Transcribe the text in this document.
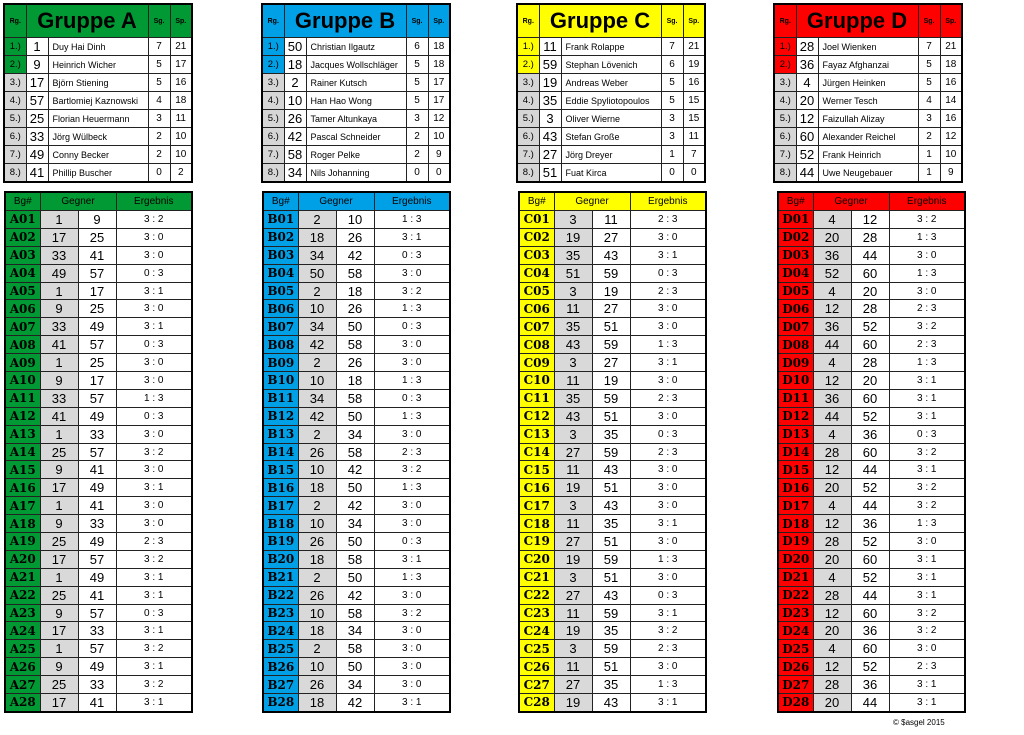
Rg.	Gruppe A		Sg.	Sp.
1.)	1	Duy Hai Dinh	7	21
2.)	9	Heinrich Wicher	5	17
3.)	17	Björn Stiening	5	16
4.)	57	Bartlomiej Kaznowski	4	18
5.)	25	Florian Heuermann	3	11
6.)	33	Jörg Wülbeck	2	10
7.)	49	Conny Becker	2	10
8.)	41	Phillip Buscher	0	2
Bg#	Gegner		Ergebnis
A01	1	9	3 : 2
A02	17	25	3 : 0
A03	33	41	3 : 0
A04	49	57	0 : 3
A05	1	17	3 : 1
A06	9	25	3 : 0
A07	33	49	3 : 1
A08	41	57	0 : 3
A09	1	25	3 : 0
A10	9	17	3 : 0
A11	33	57	1 : 3
A12	41	49	0 : 3
A13	1	33	3 : 0
A14	25	57	3 : 2
A15	9	41	3 : 0
A16	17	49	3 : 1
A17	1	41	3 : 0
A18	9	33	3 : 0
A19	25	49	2 : 3
A20	17	57	3 : 2
A21	1	49	3 : 1
A22	25	41	3 : 1
A23	9	57	0 : 3
A24	17	33	3 : 1
A25	1	57	3 : 2
A26	9	49	3 : 1
A27	25	33	3 : 2
A28	17	41	3 : 1
Rg.	Gruppe B		Sg.	Sp.
1.)	50	Christian Ilgautz	6	18
2.)	18	Jacques Wollschläger	5	18
3.)	2	Rainer Kutsch	5	17
4.)	10	Han Hao Wong	5	17
5.)	26	Tamer Altunkaya	3	12
6.)	42	Pascal Schneider	2	10
7.)	58	Roger Pelke	2	9
8.)	34	Nils Johanning	0	0
Bg#	Gegner		Ergebnis
B01	2	10	1 : 3
B02	18	26	3 : 1
B03	34	42	0 : 3
B04	50	58	3 : 0
B05	2	18	3 : 2
B06	10	26	1 : 3
B07	34	50	0 : 3
B08	42	58	3 : 0
B09	2	26	3 : 0
B10	10	18	1 : 3
B11	34	58	0 : 3
B12	42	50	1 : 3
B13	2	34	3 : 0
B14	26	58	2 : 3
B15	10	42	3 : 2
B16	18	50	1 : 3
B17	2	42	3 : 0
B18	10	34	3 : 0
B19	26	50	0 : 3
B20	18	58	3 : 1
B21	2	50	1 : 3
B22	26	42	3 : 0
B23	10	58	3 : 2
B24	18	34	3 : 0
B25	2	58	3 : 0
B26	10	50	3 : 0
B27	26	34	3 : 0
B28	18	42	3 : 1
Rg.	Gruppe C		Sg.	Sp.
1.)	11	Frank Rolappe	7	21
2.)	59	Stephan Lövenich	6	19
3.)	19	Andreas Weber	5	16
4.)	35	Eddie Spyliotopoulos	5	15
5.)	3	Oliver Wierne	3	15
6.)	43	Stefan Große	3	11
7.)	27	Jörg Dreyer	1	7
8.)	51	Fuat Kirca	0	0
Bg#	Gegner		Ergebnis
C01	3	11	2 : 3
C02	19	27	3 : 0
C03	35	43	3 : 1
C04	51	59	0 : 3
C05	3	19	2 : 3
C06	11	27	3 : 0
C07	35	51	3 : 0
C08	43	59	1 : 3
C09	3	27	3 : 1
C10	11	19	3 : 0
C11	35	59	2 : 3
C12	43	51	3 : 0
C13	3	35	0 : 3
C14	27	59	2 : 3
C15	11	43	3 : 0
C16	19	51	3 : 0
C17	3	43	3 : 0
C18	11	35	3 : 1
C19	27	51	3 : 0
C20	19	59	1 : 3
C21	3	51	3 : 0
C22	27	43	0 : 3
C23	11	59	3 : 1
C24	19	35	3 : 2
C25	3	59	2 : 3
C26	11	51	3 : 0
C27	27	35	1 : 3
C28	19	43	3 : 1
Rg.	Gruppe D		Sg.	Sp.
1.)	28	Joel Wienken	7	21
2.)	36	Fayaz Afghanzai	5	18
3.)	4	Jürgen Heinken	5	16
4.)	20	Werner Tesch	4	14
5.)	12	Faizullah Alizay	3	16
6.)	60	Alexander Reichel	2	12
7.)	52	Frank Heinrich	1	10
8.)	44	Uwe Neugebauer	1	9
Bg#	Gegner		Ergebnis
D01	4	12	3 : 2
D02	20	28	1 : 3
D03	36	44	3 : 0
D04	52	60	1 : 3
D05	4	20	3 : 0
D06	12	28	2 : 3
D07	36	52	3 : 2
D08	44	60	2 : 3
D09	4	28	1 : 3
D10	12	20	3 : 1
D11	36	60	3 : 1
D12	44	52	3 : 1
D13	4	36	0 : 3
D14	28	60	3 : 2
D15	12	44	3 : 1
D16	20	52	3 : 2
D17	4	44	3 : 2
D18	12	36	1 : 3
D19	28	52	3 : 0
D20	20	60	3 : 1
D21	4	52	3 : 1
D22	28	44	3 : 1
D23	12	60	3 : 2
D24	20	36	3 : 2
D25	4	60	3 : 0
D26	12	52	2 : 3
D27	28	36	3 : 1
D28	20	44	3 : 1
© $asgel 2015
